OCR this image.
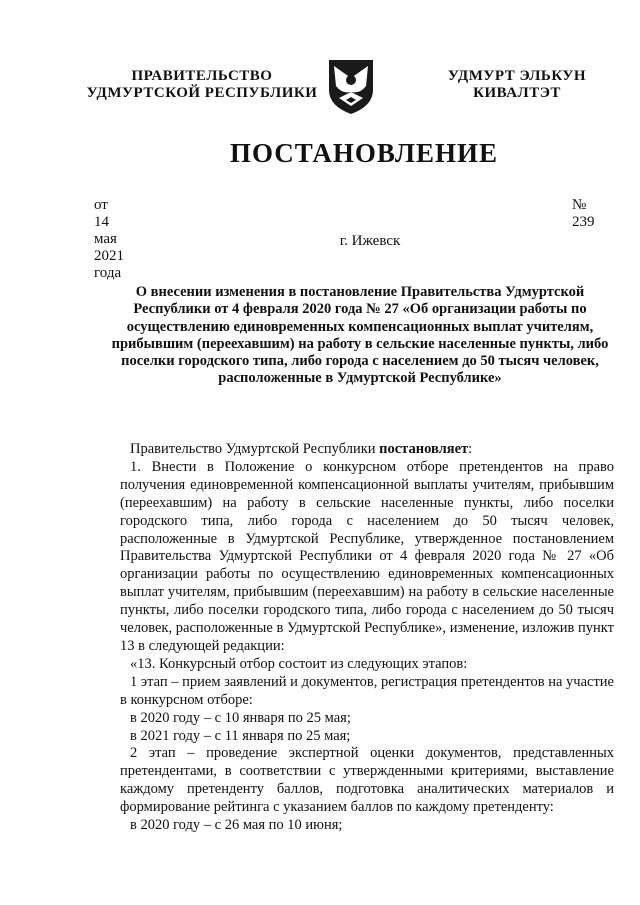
ПРАВИТЕЛЬСТВО
УДМУРТСКОЙ РЕСПУБЛИКИ
УДМУРТ ЭЛЬКУН
КИВАЛТЭТ
ПОСТАНОВЛЕНИЕ
от 14 мая 2021 года
№ 239
г. Ижевск
О внесении изменения в постановление Правительства Удмуртской Республики от 4 февраля 2020 года № 27 «Об организации работы по осуществлению единовременных компенсационных выплат учителям, прибывшим (переехавшим) на работу в сельские населенные пункты, либо поселки городского типа, либо города с населением до 50 тысяч человек, расположенные в Удмуртской Республике»

Правительство Удмуртской Республики постановляет:

1. Внести в Положение о конкурсном отборе претендентов на право получения единовременной компенсационной выплаты учителям, прибывшим (переехавшим) на работу в сельские населенные пункты, либо поселки городского типа, либо города с населением до 50 тысяч человек, расположенные в Удмуртской Республике, утвержденное постановлением Правительства Удмуртской Республики от 4 февраля 2020 года № 27 «Об организации работы по осуществлению единовременных компенсационных выплат учителям, прибывшим (переехавшим) на работу в сельские населенные пункты, либо поселки городского типа, либо города с населением до 50 тысяч человек, расположенные в Удмуртской Республике», изменение, изложив пункт 13 в следующей редакции:

«13. Конкурсный отбор состоит из следующих этапов:

1 этап – прием заявлений и документов, регистрация претендентов на участие в конкурсном отборе:

в 2020 году – с 10 января по 25 мая;

в 2021 году – с 11 января по 25 мая;

2 этап – проведение экспертной оценки документов, представленных претендентами, в соответствии с утвержденными критериями, выставление каждому претенденту баллов, подготовка аналитических материалов и формирование рейтинга с указанием баллов по каждому претенденту:

в 2020 году – с 26 мая по 10 июня;
